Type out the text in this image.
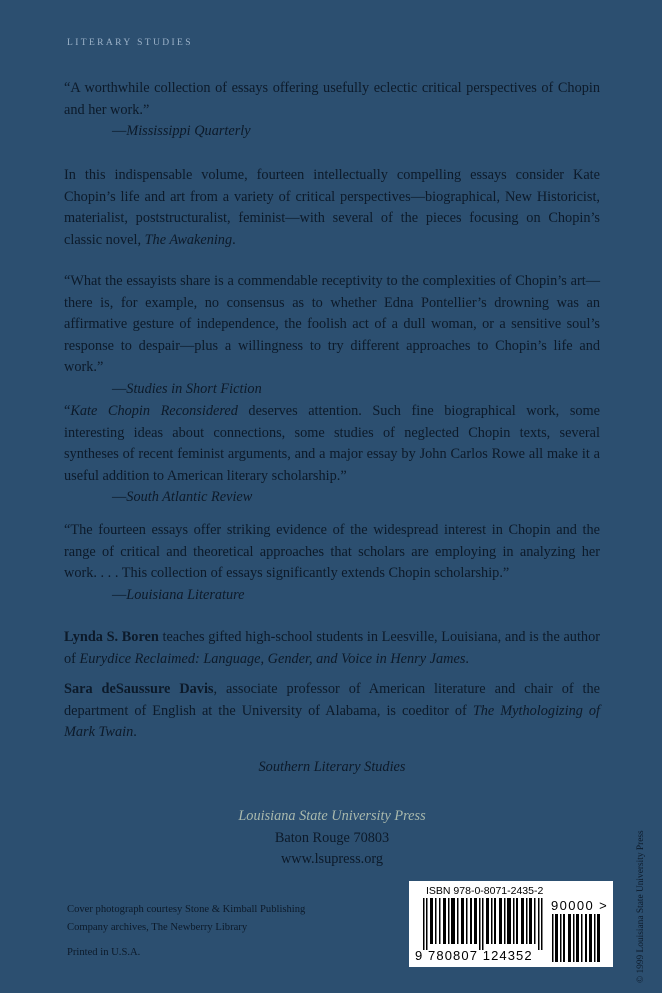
LITERARY STUDIES

“A worthwhile collection of essays offering usefully eclectic critical perspectives of Chopin and her work.”

—Mississippi Quarterly

In this indispensable volume, fourteen intellectually compelling essays consider Kate Chopin’s life and art from a variety of critical perspectives—biographical, New Historicist, materialist, poststructuralist, feminist—with several of the pieces focusing on Chopin’s classic novel, The Awakening.

“What the essayists share is a commendable receptivity to the complexities of Chopin’s art—there is, for example, no consensus as to whether Edna Pontellier’s drowning was an affirmative gesture of independence, the foolish act of a dull woman, or a sensitive soul’s response to despair—plus a willingness to try different approaches to Chopin’s life and work.”

—Studies in Short Fiction

“Kate Chopin Reconsidered deserves attention. Such fine biographical work, some interesting ideas about connections, some studies of neglected Chopin texts, several syntheses of recent feminist arguments, and a major essay by John Carlos Rowe all make it a useful addition to American literary scholarship.”

—South Atlantic Review

“The fourteen essays offer striking evidence of the widespread interest in Chopin and the range of critical and theoretical approaches that scholars are employing in analyzing her work. . . . This collection of essays significantly extends Chopin scholarship.”

—Louisiana Literature

Lynda S. Boren teaches gifted high-school students in Leesville, Louisiana, and is the author of Eurydice Reclaimed: Language, Gender, and Voice in Henry James.

Sara deSaussure Davis, associate professor of American literature and chair of the department of English at the University of Alabama, is coeditor of The Mythologizing of Mark Twain.

Southern Literary Studies
Louisiana State University Press
Baton Rouge 70803
www.lsupress.org
Cover photograph courtesy Stone & Kimball Publishing
Company archives, The Newberry Library
Printed in U.S.A.	© 1999 Louisiana State University Press
ISBN 978-0-8071-2435-2
9 780807 124352
90000 >
